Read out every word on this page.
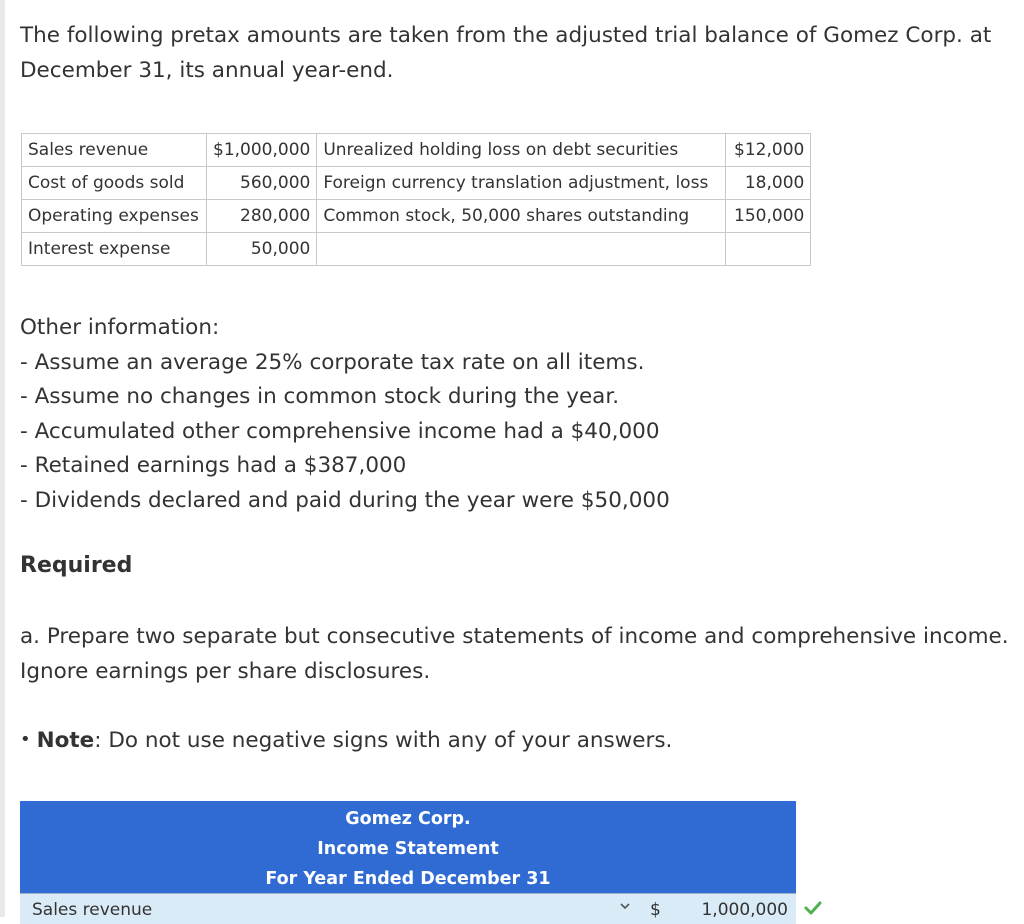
The following pretax amounts are taken from the adjusted trial balance of Gomez Corp. at December 31, its annual year-end.
Sales revenue	$1,000,000	Unrealized holding loss on debt securities	$12,000
Cost of goods sold	560,000	Foreign currency translation adjustment, loss	18,000
Operating expenses	280,000	Common stock, 50,000 shares outstanding	150,000
Interest expense	50,000		
Other information:
- Assume an average 25% corporate tax rate on all items.
- Assume no changes in common stock during the year.
- Accumulated other comprehensive income had a $40,000
- Retained earnings had a $387,000
- Dividends declared and paid during the year were $50,000
Required
a. Prepare two separate but consecutive statements of income and comprehensive income. Ignore earnings per share disclosures.
• Note: Do not use negative signs with any of your answers.
Gomez Corp.
Income Statement
For Year Ended December 31
Sales revenue	$ 1,000,000
